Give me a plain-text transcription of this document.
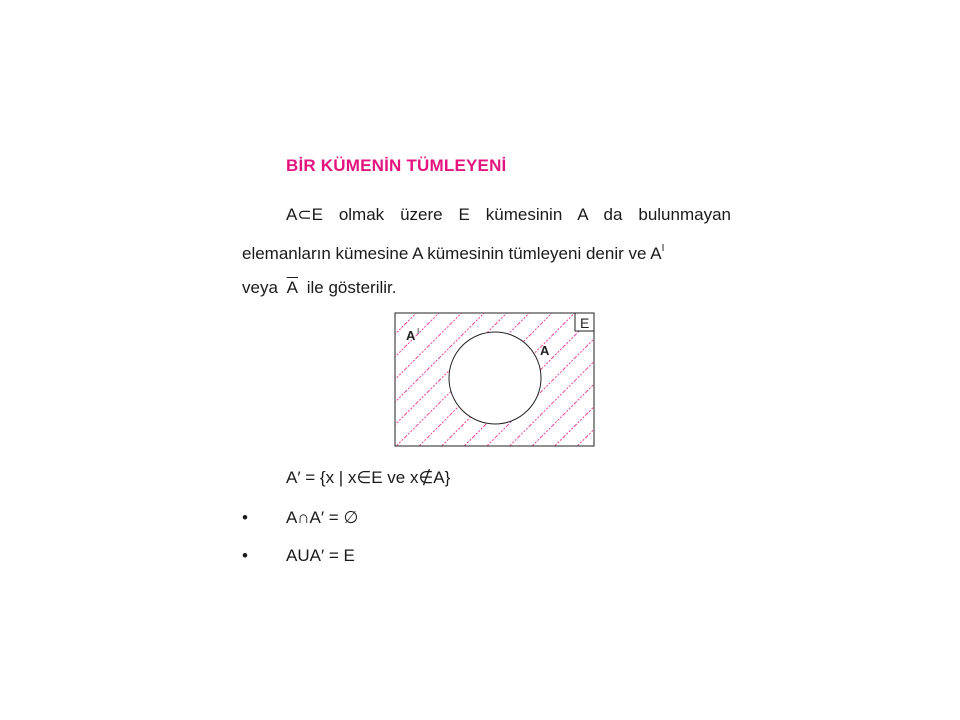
BİR KÜMENİN TÜMLEYENİ
A⊂E olmak üzere E kümesinin A da bulunmayan
elemanların kümesine A kümesinin tümleyeni denir ve $A^I$
veya $\overline{A}$ ile gösterilir.
E
A I
A
A′ = {x | x∈E ve x∉A}
• A∩A′ = ∅
• AUA′ = E
